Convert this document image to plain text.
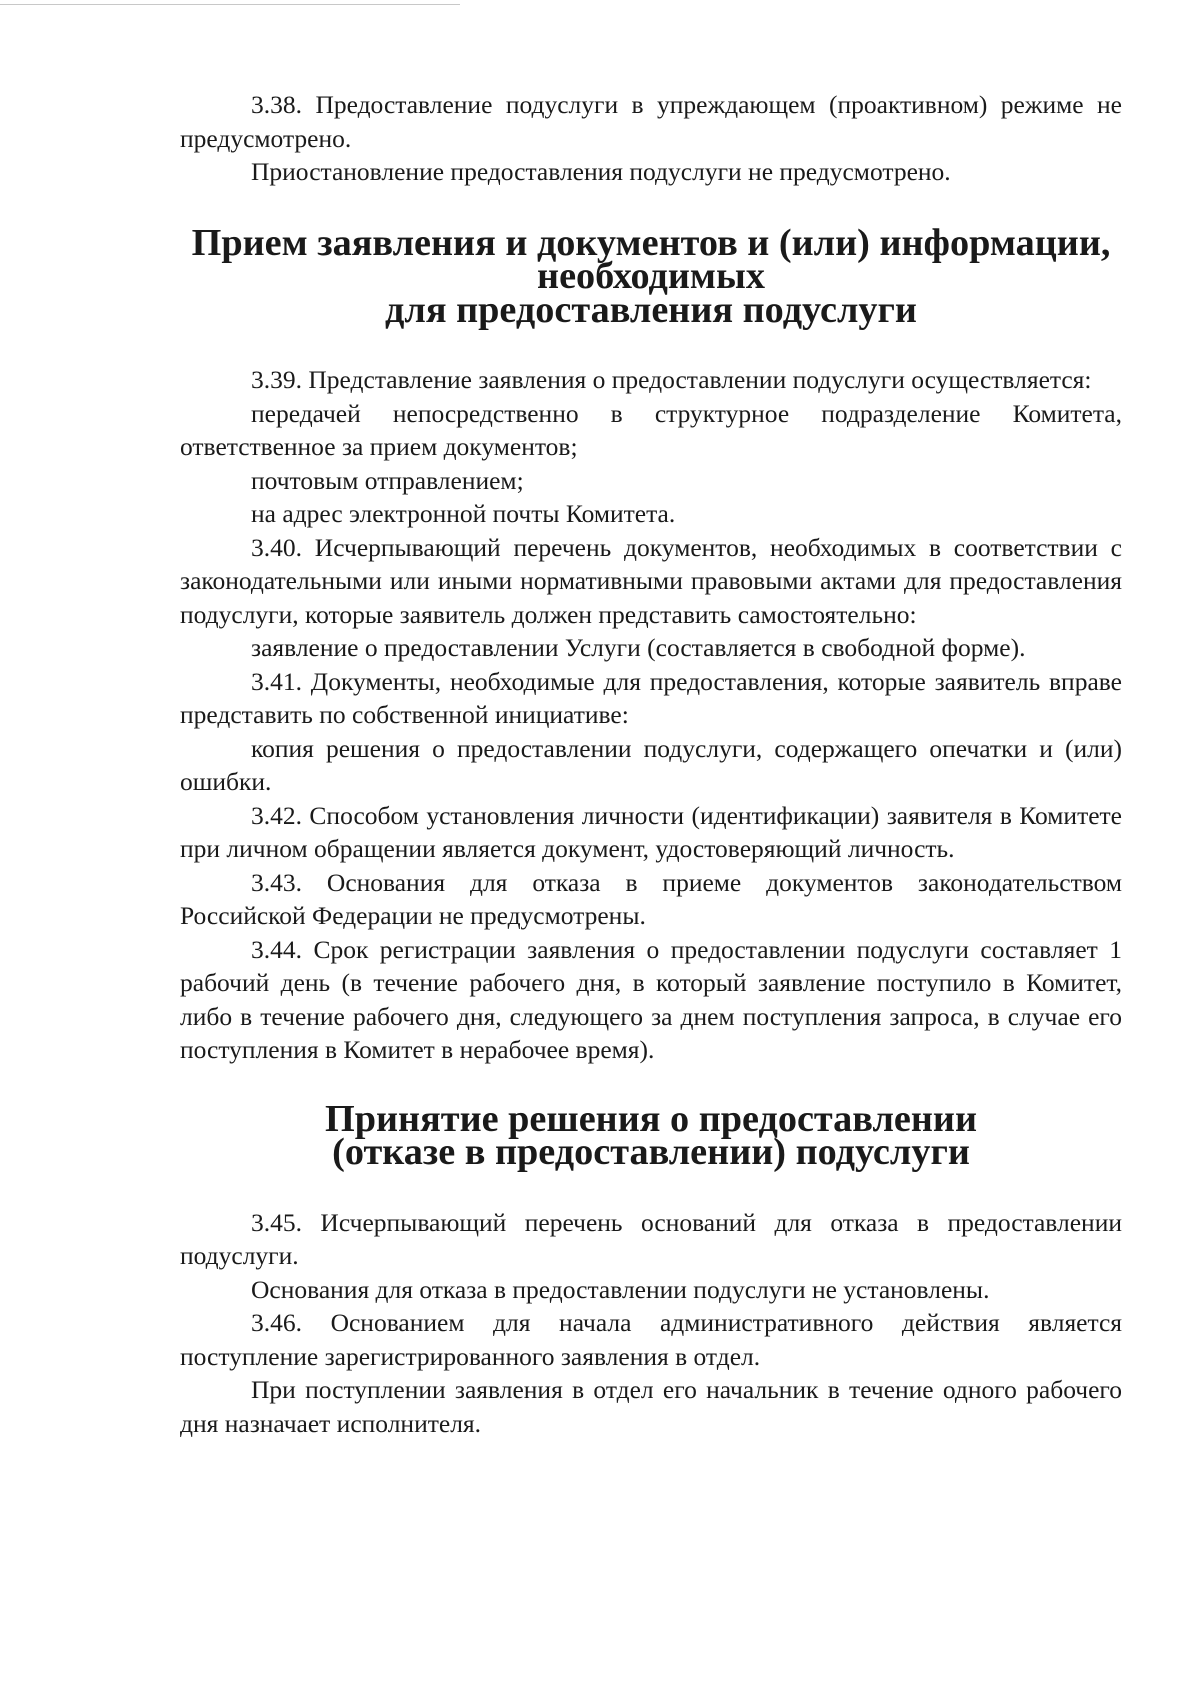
3.38. Предоставление подуслуги в упреждающем (проактивном) режиме не предусмотрено.

Приостановление предоставления подуслуги не предусмотрено.

Прием заявления и документов и (или) информации, необходимых
для предоставления подуслуги

3.39. Представление заявления о предоставлении подуслуги осуществляется:

передачей непосредственно в структурное подразделение Комитета, ответственное за прием документов;

почтовым отправлением;

на адрес электронной почты Комитета.

3.40. Исчерпывающий перечень документов, необходимых в соответствии с законодательными или иными нормативными правовыми актами для предоставления подуслуги, которые заявитель должен представить самостоятельно:

заявление о предоставлении Услуги (составляется в свободной форме).

3.41. Документы, необходимые для предоставления, которые заявитель вправе представить по собственной инициативе:

копия решения о предоставлении подуслуги, содержащего опечатки и (или) ошибки.

3.42. Способом установления личности (идентификации) заявителя в Комитете при личном обращении является документ, удостоверяющий личность.

3.43. Основания для отказа в приеме документов законодательством Российской Федерации не предусмотрены.

3.44. Срок регистрации заявления о предоставлении подуслуги составляет 1 рабочий день (в течение рабочего дня, в который заявление поступило в Комитет, либо в течение рабочего дня, следующего за днем поступления запроса, в случае его поступления в Комитет в нерабочее время).

Принятие решения о предоставлении
(отказе в предоставлении) подуслуги

3.45. Исчерпывающий перечень оснований для отказа в предоставлении подуслуги.

Основания для отказа в предоставлении подуслуги не установлены.

3.46. Основанием для начала административного действия является поступление зарегистрированного заявления в отдел.

При поступлении заявления в отдел его начальник в течение одного рабочего дня назначает исполнителя.
